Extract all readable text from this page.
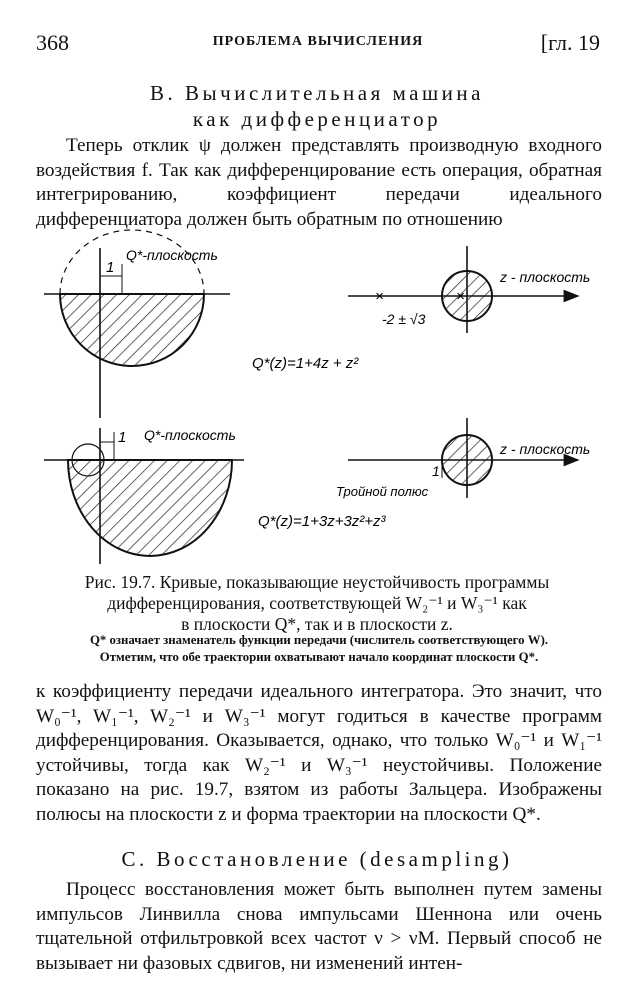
368	ПРОБЛЕМА ВЫЧИСЛЕНИЯ	[гл. 19
B. Вычислительная машина
как дифференциатор

Теперь отклик ψ должен представлять производную входного воздействия f. Так как дифференцирование есть операция, обратная интегрированию, коэффициент передачи идеального дифференциатора должен быть обратным по отношению

1
Q*-плоскость
×	×
z - плоскость
-2 ± √3
Q*(z)=1+4z + z²
1 Q*-плоскость
1
z - плоскость
Тройной полюс
Q*(z)=1+3z+3z²+z³
Рис. 19.7. Кривые, показывающие неустойчивость программы
дифференцирования, соответствующей W₂⁻¹ и W₃⁻¹ как
в плоскости Q*, так и в плоскости z.
Q* означает знаменатель функции передачи (числитель соответствующего W).
Отметим, что обе траектории охватывают начало координат плоскости Q*.

к коэффициенту передачи идеального интегратора. Это значит, что W₀⁻¹, W₁⁻¹, W₂⁻¹ и W₃⁻¹ могут годиться в качестве программ дифференцирования. Оказывается, однако, что только W₀⁻¹ и W₁⁻¹ устойчивы, тогда как W₂⁻¹ и W₃⁻¹ неустойчивы. Положение показано на рис. 19.7, взятом из работы Зальцера. Изображены полюсы на плоскости z и форма траектории на плоскости Q*.

C. Восстановление (desampling)

Процесс восстановления может быть выполнен путем замены импульсов Линвилла снова импульсами Шеннона или очень тщательной отфильтровкой всех частот ν > νM. Первый способ не вызывает ни фазовых сдвигов, ни изменений интен-
